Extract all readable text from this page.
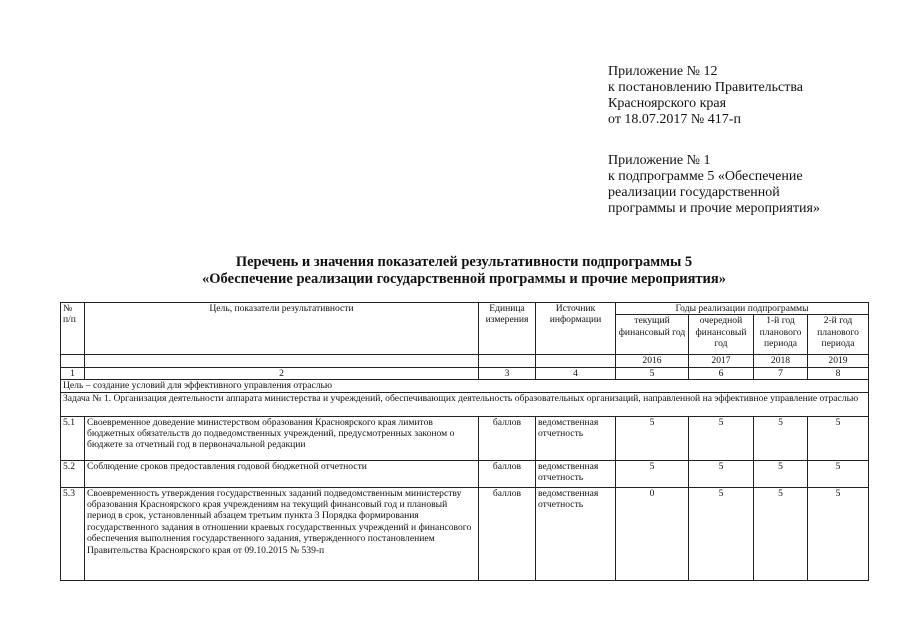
Приложение № 12
к постановлению Правительства
Красноярского края
от 18.07.2017 № 417-п
Приложение № 1
к подпрограмме 5 «Обеспечение
реализации государственной
программы и прочие мероприятия»
Перечень и значения показателей результативности подпрограммы 5
«Обеспечение реализации государственной программы и прочие мероприятия»
№ п/п	Цель, показатели результативности	Единица измерения	Источник информации	Годы реализации подпрограммы			
				текущий финансовый год	очередной финансовый год	1-й год планового периода	2-й год планового периода
				2016	2017	2018	2019
1	2	3	4	5	6	7	8
Цель – создание условий для эффективного управления отраслью							
Задача № 1. Организация деятельности аппарата министерства и учреждений, обеспечивающих деятельность образовательных организаций, направленной на эффективное управление отраслью							
5.1	Своевременное доведение министерством образования Красноярского края лимитов бюджетных обязательств до подведомственных учреждений, предусмотренных законом о бюджете за отчетный год в первоначальной редакции	баллов	ведомственная отчетность	5	5	5	5
5.2	Соблюдение сроков предоставления годовой бюджетной отчетности	баллов	ведомственная отчетность	5	5	5	5
5.3	Своевременность утверждения государственных заданий подведомственным министерству образования Красноярского края учреждениям на текущий финансовый год и плановый период в срок, установленный абзацем третьим пункта 3 Порядка формирования государственного задания в отношении краевых государственных учреждений и финансового обеспечения выполнения государственного задания, утвержденного постановлением Правительства Красноярского края от 09.10.2015 № 539-п	баллов	ведомственная отчетность	0	5	5	5
